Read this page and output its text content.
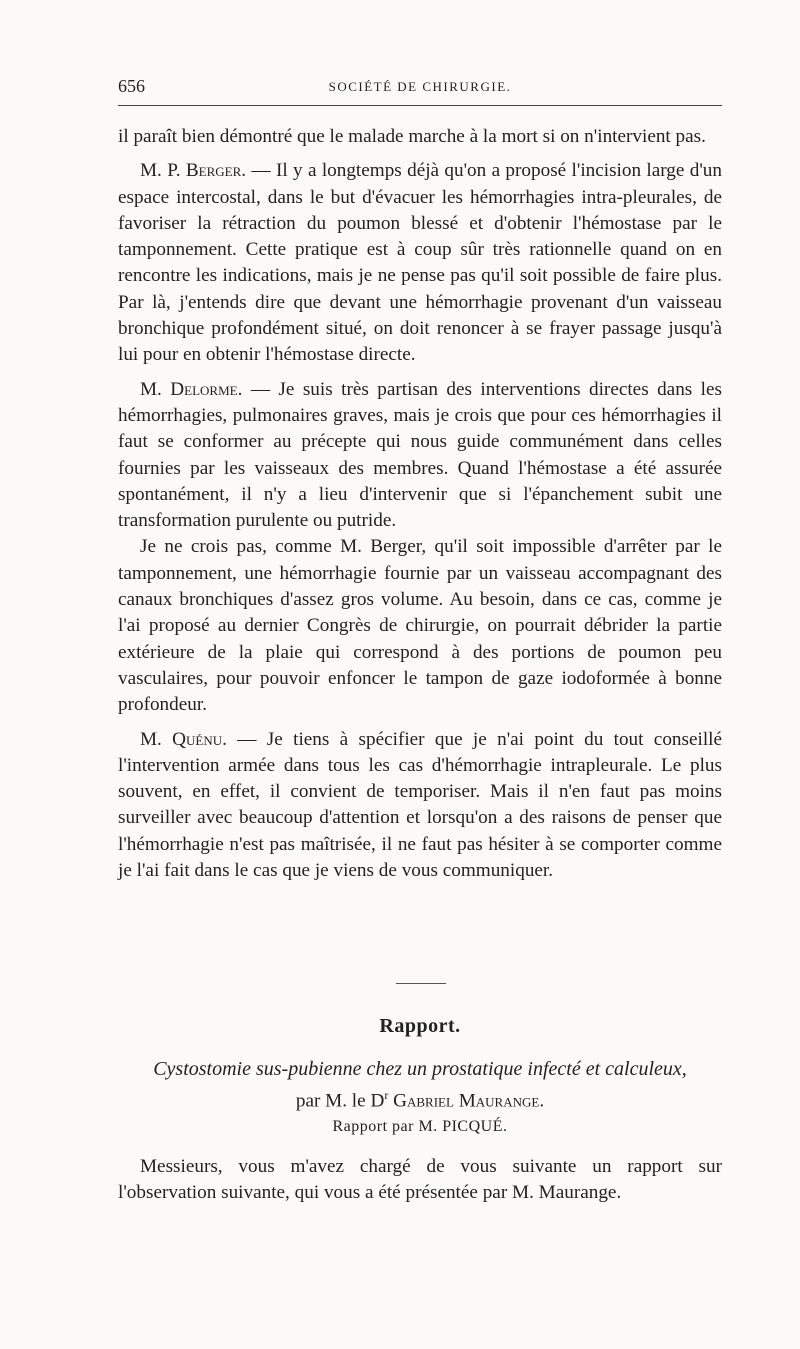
656	SOCIÉTÉ DE CHIRURGIE.

il paraît bien démontré que le malade marche à la mort si on n'intervient pas.

M. P. Berger. — Il y a longtemps déjà qu'on a proposé l'incision large d'un espace intercostal, dans le but d'évacuer les hémorrhagies intra-pleurales, de favoriser la rétraction du poumon blessé et d'obtenir l'hémostase par le tamponnement. Cette pratique est à coup sûr très rationnelle quand on en rencontre les indications, mais je ne pense pas qu'il soit possible de faire plus. Par là, j'entends dire que devant une hémorrhagie provenant d'un vaisseau bronchique profondément situé, on doit renoncer à se frayer passage jusqu'à lui pour en obtenir l'hémostase directe.

M. Delorme. — Je suis très partisan des interventions directes dans les hémorrhagies, pulmonaires graves, mais je crois que pour ces hémorrhagies il faut se conformer au précepte qui nous guide communément dans celles fournies par les vaisseaux des membres. Quand l'hémostase a été assurée spontanément, il n'y a lieu d'intervenir que si l'épanchement subit une transformation purulente ou putride.

Je ne crois pas, comme M. Berger, qu'il soit impossible d'arrêter par le tamponnement, une hémorrhagie fournie par un vaisseau accompagnant des canaux bronchiques d'assez gros volume. Au besoin, dans ce cas, comme je l'ai proposé au dernier Congrès de chirurgie, on pourrait débrider la partie extérieure de la plaie qui correspond à des portions de poumon peu vasculaires, pour pouvoir enfoncer le tampon de gaze iodoformée à bonne profondeur.

M. Quénu. — Je tiens à spécifier que je n'ai point du tout conseillé l'intervention armée dans tous les cas d'hémorrhagie intrapleurale. Le plus souvent, en effet, il convient de temporiser. Mais il n'en faut pas moins surveiller avec beaucoup d'attention et lorsqu'on a des raisons de penser que l'hémorrhagie n'est pas maîtrisée, il ne faut pas hésiter à se comporter comme je l'ai fait dans le cas que je viens de vous communiquer.

Rapport.
Cystostomie sus-pubienne chez un prostatique infecté et calculeux,
par M. le $D^r$ Gabriel Maurange.
Rapport par M. PICQUÉ.

Messieurs, vous m'avez chargé de vous suivante un rapport sur l'observation suivante, qui vous a été présentée par M. Maurange.
